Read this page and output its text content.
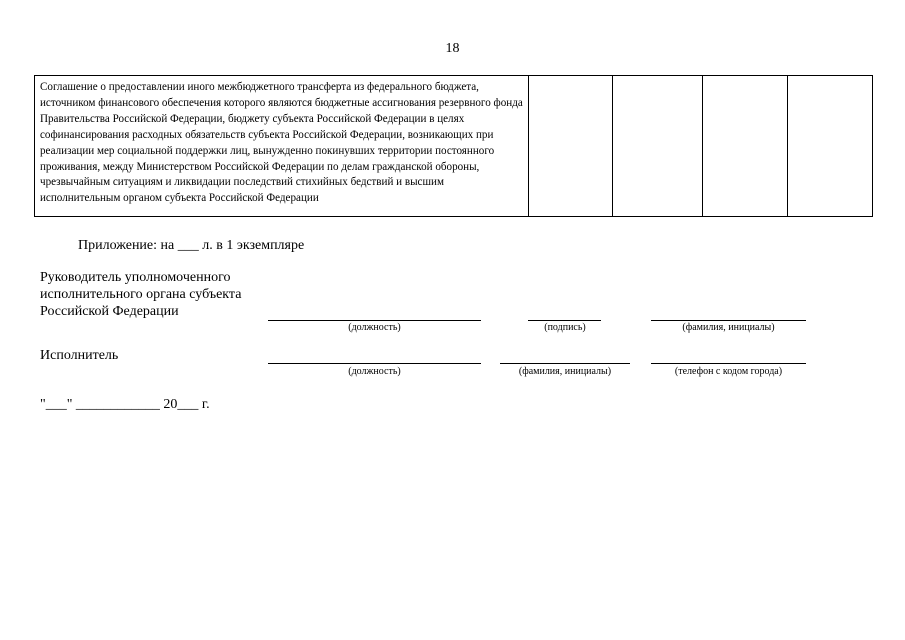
18
Соглашение о предоставлении иного межбюджетного трансферта из федерального бюджета, источником финансового обеспечения которого являются бюджетные ассигнования резервного фонда Правительства Российской Федерации, бюджету субъекта Российской Федерации в целях софинансирования расходных обязательств субъекта Российской Федерации, возникающих при реализации мер социальной поддержки лиц, вынужденно покинувших территории постоянного проживания, между Министерством Российской Федерации по делам гражданской обороны, чрезвычайным ситуациям и ликвидации последствий стихийных бедствий и высшим исполнительным органом субъекта Российской Федерации

Приложение: на ___ л. в 1 экземпляре
Руководитель уполномоченного исполнительного органа субъекта Российской Федерации
(должность)	(подпись)	(фамилия, инициалы)
Исполнитель
(должность)	(фамилия, инициалы)	(телефон с кодом города)
"___" ____________ 20___ г.
